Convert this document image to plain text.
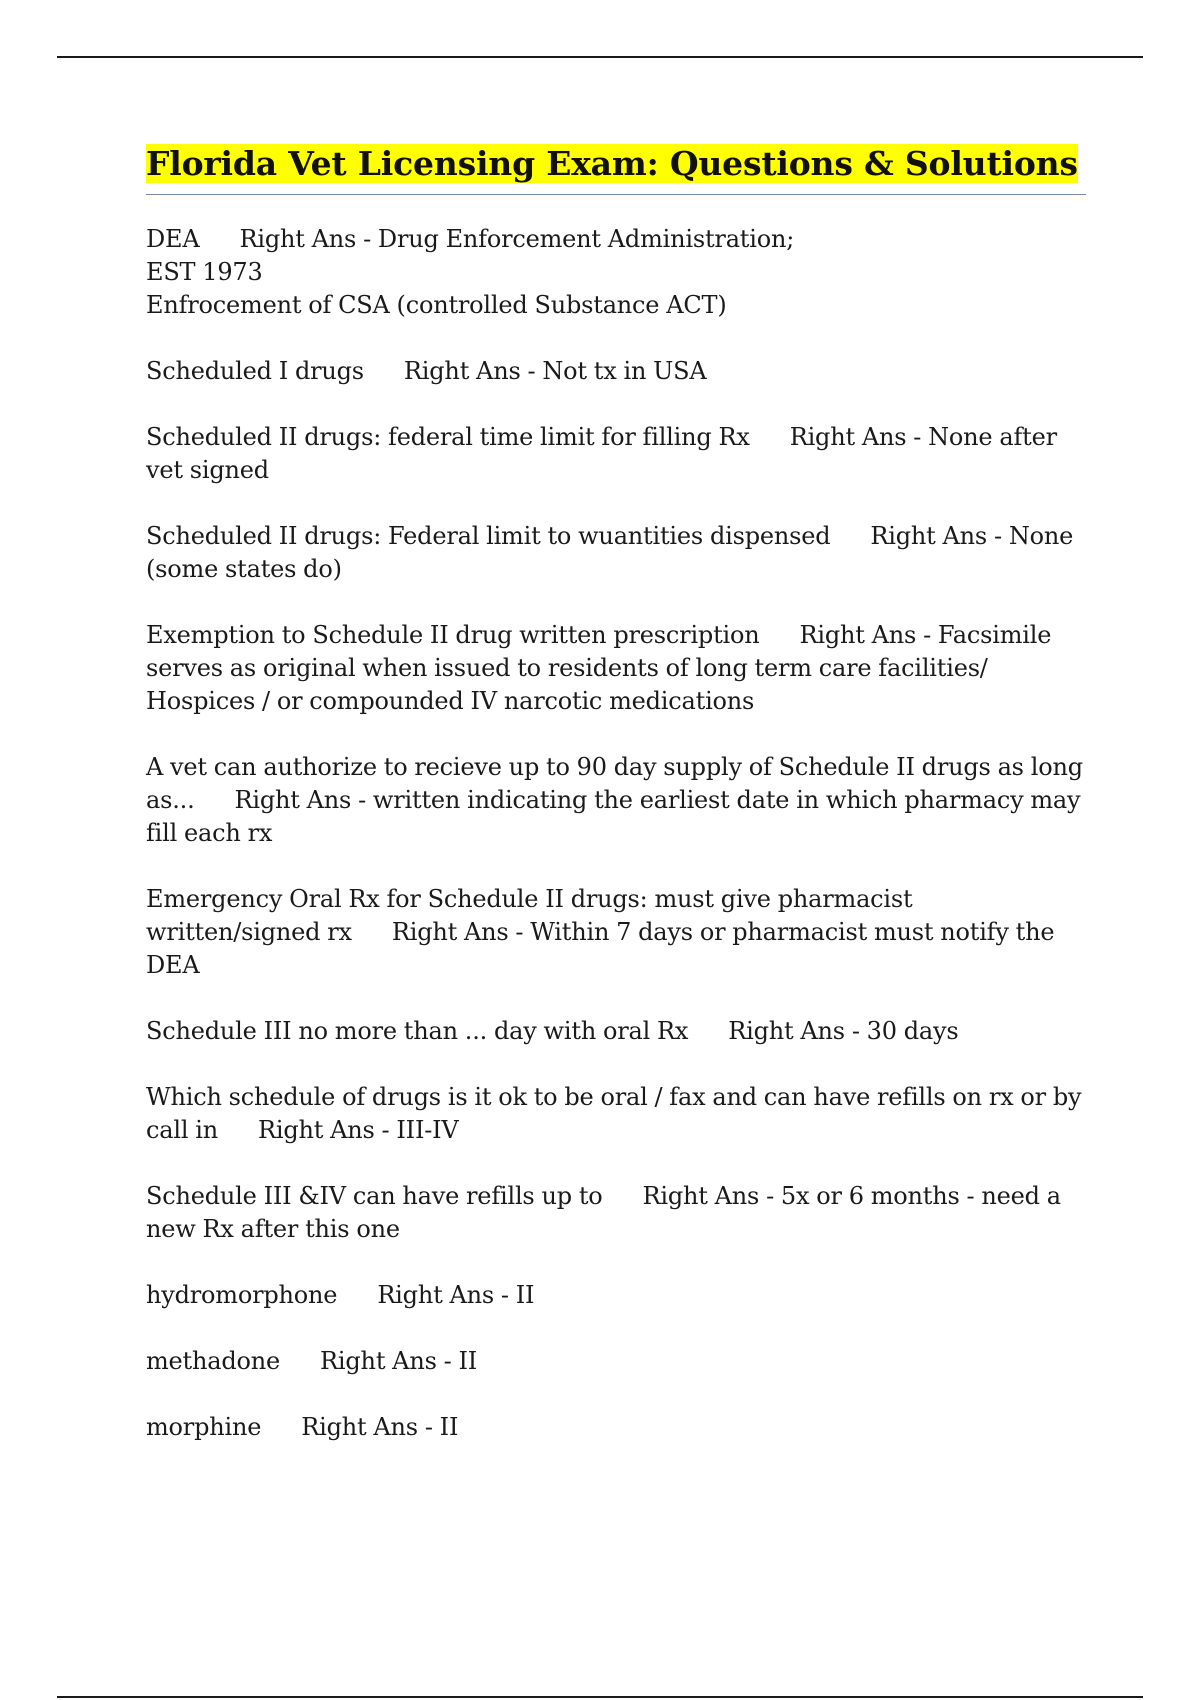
Florida Vet Licensing Exam: Questions & Solutions

DEA Right Ans - Drug Enforcement Administration;
EST 1973
Enfrocement of CSA (controlled Substance ACT)

Scheduled I drugs Right Ans - Not tx in USA

Scheduled II drugs: federal time limit for filling Rx Right Ans - None after vet signed

Scheduled II drugs: Federal limit to wuantities dispensed Right Ans - None (some states do)

Exemption to Schedule II drug written prescription Right Ans - Facsimile serves as original when issued to residents of long term care facilities/ Hospices / or compounded IV narcotic medications

A vet can authorize to recieve up to 90 day supply of Schedule II drugs as long as... Right Ans - written indicating the earliest date in which pharmacy may fill each rx

Emergency Oral Rx for Schedule II drugs: must give pharmacist written/signed rx Right Ans - Within 7 days or pharmacist must notify the DEA

Schedule III no more than ... day with oral Rx Right Ans - 30 days

Which schedule of drugs is it ok to be oral / fax and can have refills on rx or by call in Right Ans - III-IV

Schedule III &IV can have refills up to Right Ans - 5x or 6 months - need a new Rx after this one

hydromorphone Right Ans - II

methadone Right Ans - II

morphine Right Ans - II
